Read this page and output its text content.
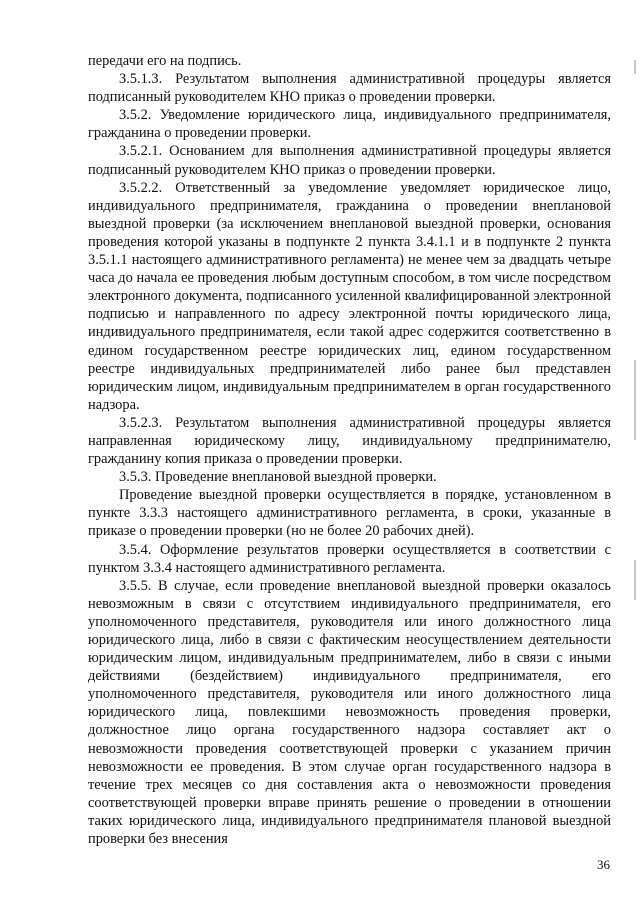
передачи его на подпись.

3.5.1.3. Результатом выполнения административной процедуры является подписанный руководителем КНО приказ о проведении проверки.

3.5.2. Уведомление юридического лица, индивидуального предпринимателя, гражданина о проведении проверки.

3.5.2.1. Основанием для выполнения административной процедуры является подписанный руководителем КНО приказ о проведении проверки.

3.5.2.2. Ответственный за уведомление уведомляет юридическое лицо, индивидуального предпринимателя, гражданина о проведении внеплановой выездной проверки (за исключением внеплановой выездной проверки, основания проведения которой указаны в подпункте 2 пункта 3.4.1.1 и в подпункте 2 пункта 3.5.1.1 настоящего административного регламента) не менее чем за двадцать четыре часа до начала ее проведения любым доступным способом, в том числе посредством электронного документа, подписанного усиленной квалифицированной электронной подписью и направленного по адресу электронной почты юридического лица, индивидуального предпринимателя, если такой адрес содержится соответственно в едином государственном реестре юридических лиц, едином государственном реестре индивидуальных предпринимателей либо ранее был представлен юридическим лицом, индивидуальным предпринимателем в орган государственного надзора.

3.5.2.3. Результатом выполнения административной процедуры является направленная юридическому лицу, индивидуальному предпринимателю, гражданину копия приказа о проведении проверки.

3.5.3. Проведение внеплановой выездной проверки.

Проведение выездной проверки осуществляется в порядке, установленном в пункте 3.3.3 настоящего административного регламента, в сроки, указанные в приказе о проведении проверки (но не более 20 рабочих дней).

3.5.4. Оформление результатов проверки осуществляется в соответствии с пунктом 3.3.4 настоящего административного регламента.

3.5.5. В случае, если проведение внеплановой выездной проверки оказалось невозможным в связи с отсутствием индивидуального предпринимателя, его уполномоченного представителя, руководителя или иного должностного лица юридического лица, либо в связи с фактическим неосуществлением деятельности юридическим лицом, индивидуальным предпринимателем, либо в связи с иными действиями (бездействием) индивидуального предпринимателя, его уполномоченного представителя, руководителя или иного должностного лица юридического лица, повлекшими невозможность проведения проверки, должностное лицо органа государственного надзора составляет акт о невозможности проведения соответствующей проверки с указанием причин невозможности ее проведения. В этом случае орган государственного надзора в течение трех месяцев со дня составления акта о невозможности проведения соответствующей проверки вправе принять решение о проведении в отношении таких юридического лица, индивидуального предпринимателя плановой выездной проверки без внесения

36
